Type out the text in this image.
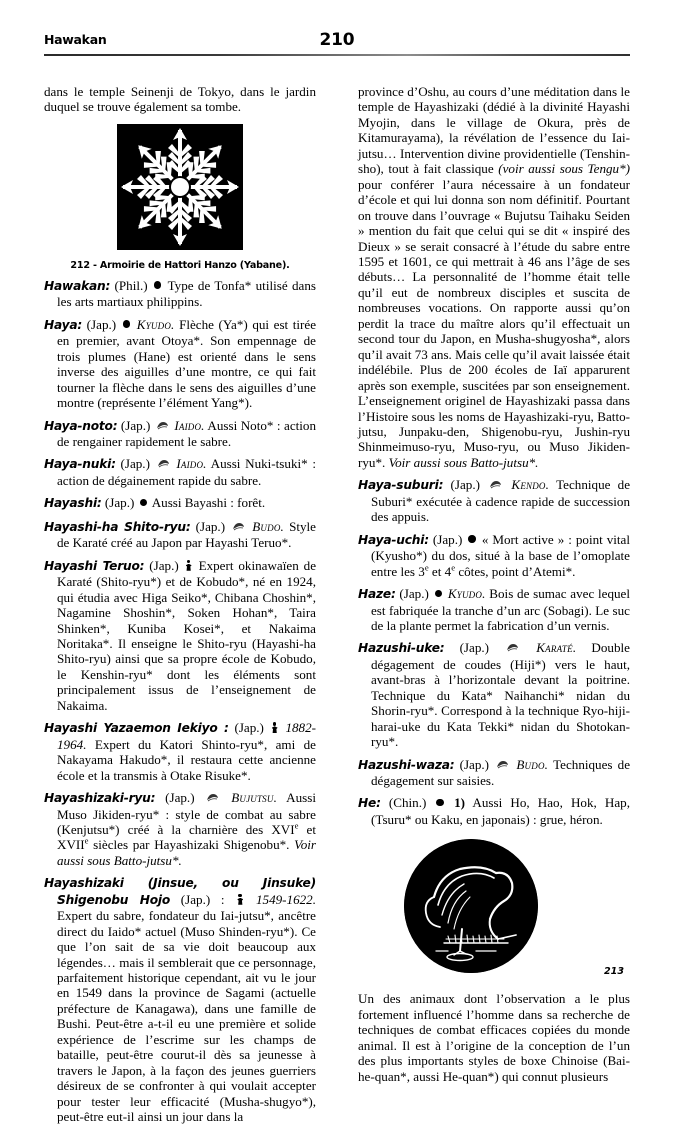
Hawakan	210

dans le temple Seinenji de Tokyo, dans le jardin duquel se trouve également sa tombe.

212 - Armoirie de Hattori Hanzo (Yabane).
Hawakan: (Phil.) Type de Tonfa* utilisé dans les arts martiaux philippins.
Haya: (Jap.) Kyudo. Flèche (Ya*) qui est tirée en premier, avant Otoya*. Son empennage de trois plumes (Hane) est orienté dans le sens inverse des aiguilles d’une montre, ce qui fait tourner la flèche dans le sens des aiguilles d’une montre (représente l’élément Yang*).
Haya-noto: (Jap.) Iaido. Aussi Noto* : action de rengainer rapidement le sabre.
Haya-nuki: (Jap.) Iaido. Aussi Nuki-tsuki* : action de dégainement rapide du sabre.
Hayashi: (Jap.) Aussi Bayashi : forêt.
Hayashi-ha Shito-ryu: (Jap.) Budo. Style de Karaté créé au Japon par Hayashi Teruo*.
Hayashi Teruo: (Jap.) Expert okinawaïen de Karaté (Shito-ryu*) et de Kobudo*, né en 1924, qui étudia avec Higa Seiko*, Chibana Choshin*, Nagamine Shoshin*, Soken Hohan*, Taira Shinken*, Kuniba Kosei*, et Nakaima Noritaka*. Il enseigne le Shito-ryu (Hayashi-ha Shito-ryu) ainsi que sa propre école de Kobudo, le Kenshin-ryu* dont les éléments sont principalement issus de l’enseignement de Nakaima.
Hayashi Yazaemon Iekiyo : (Jap.) 1882-1964. Expert du Katori Shinto-ryu*, ami de Nakayama Hakudo*, il restaura cette ancienne école et la transmis à Otake Risuke*.
Hayashizaki-ryu: (Jap.)	Bujutsu. Aussi Muso Jikiden-ryu* : style de combat au sabre (Kenjutsu*) créé à la charnière des XVIe et XVIIe siècles par Hayashizaki Shigenobu*. Voir aussi sous Batto-jutsu*.
Hayashizaki (Jinsue, ou Jinsuke) Shigenobu Hojo (Jap.) : 1549-1622. Expert du sabre, fondateur du Iai-jutsu*, ancêtre direct du Iaido* actuel (Muso Shinden-ryu*). Ce que l’on sait de sa vie doit beaucoup aux légendes… mais il semblerait que ce personnage, parfaitement historique cependant, ait vu le jour en 1549 dans la province de Sagami (actuelle préfecture de Kanagawa), dans une famille de Bushi. Peut-être a-t-il eu une première et solide expérience de l’escrime sur les champs de bataille, peut-être courut-il dès sa jeunesse à travers le Japon, à la façon des jeunes guerriers désireux de se confronter à qui voulait accepter pour tester leur efficacité (Musha-shugyo*), peut-être eut-il ainsi un jour dans la

province d’Oshu, au cours d’une méditation dans le temple de Hayashizaki (dédié à la divinité Hayashi Myojin, dans le village de Okura, près de Kitamurayama), la révélation de l’essence du Iai-jutsu… Intervention divine providentielle (Tenshin-sho), tout à fait classique (voir aussi sous Tengu*) pour conférer l’aura nécessaire à un fondateur d’école et qui lui donna son nom définitif. Pourtant on trouve dans l’ouvrage « Bujutsu Taihaku Seiden » mention du fait que celui qui se dit « inspiré des Dieux » se serait consacré à l’étude du sabre entre 1595 et 1601, ce qui mettrait à 46 ans l’âge de ses débuts… La personnalité de l’homme était telle qu’il eut de nombreux disciples et suscita de nombreuses vocations. On rapporte aussi qu’on perdit la trace du maître alors qu’il effectuait un second tour du Japon, en Musha-shugyosha*, alors qu’il avait 73 ans. Mais celle qu’il avait laissée était indélébile. Plus de 200 écoles de Iaï apparurent après son exemple, suscitées par son enseignement. L’enseignement originel de Hayashizaki passa dans l’Histoire sous les noms de Hayashizaki-ryu, Batto-jutsu, Junpaku-den, Shigenobu-ryu, Jushin-ryu Shinmeimuso-ryu, Muso-ryu, ou Muso Jikiden-ryu*. Voir aussi sous Batto-jutsu*.

Haya-suburi: (Jap.) Kendo. Technique de Suburi* exécutée à cadence rapide de succession des appuis.
Haya-uchi: (Jap.) « Mort active » : point vital (Kyusho*) du dos, situé à la base de l’omoplate entre les 3e et 4e côtes, point d’Atemi*.
Haze: (Jap.) Kyudo. Bois de sumac avec lequel est fabriquée la tranche d’un arc (Sobagi). Le suc de la plante permet la fabrication d’un vernis.
Hazushi-uke: (Jap.)	Karaté. Double dégagement de coudes (Hiji*) vers le haut, avant-bras à l’horizontale devant la poitrine. Technique du Kata* Naihanchi* nidan du Shorin-ryu*. Correspond à la technique Ryo-hiji-harai-uke du Kata Tekki* nidan du Shotokan-ryu*.
Hazushi-waza: (Jap.) Budo. Techniques de dégagement sur saisies.
He: (Chin.) 1) Aussi Ho, Hao, Hok, Hap, (Tsuru* ou Kaku, en japonais) : grue, héron.
213

Un des animaux dont l’observation a le plus fortement influencé l’homme dans sa recherche de techniques de combat efficaces copiées du monde animal. Il est à l’origine de la conception de l’un des plus importants styles de boxe Chinoise (Bai-he-quan*, aussi He-quan*) qui connut plusieurs
